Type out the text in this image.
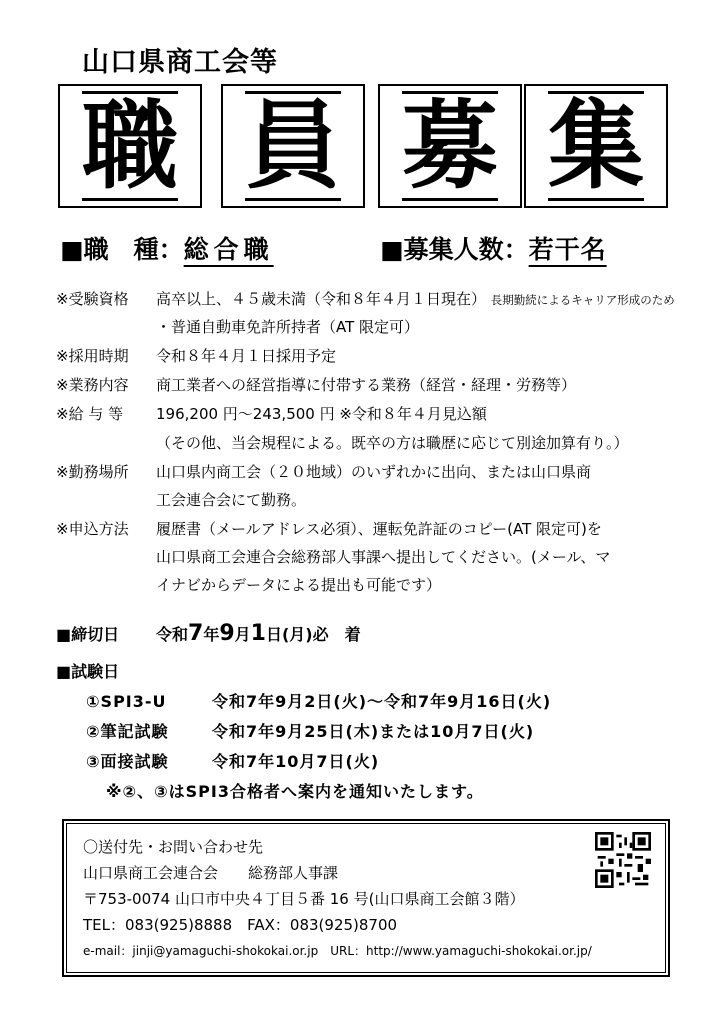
山口県商工会等
職 員 募 集
■職　種：総合職	■募集人数：若干名
※受験資格 高卒以上、４５歳未満（令和８年４月１日現在） 長期勤続によるキャリア形成のため
・普通自動車免許所持者（AT 限定可）
※採用時期 令和８年４月１日採用予定
※業務内容 商工業者への経営指導に付帯する業務（経営・経理・労務等）
※給 与 等 196,200 円～243,500 円 ※令和８年４月見込額
（その他、当会規程による。既卒の方は職歴に応じて別途加算有り。）
※勤務場所 山口県内商工会（２０地域）のいずれかに出向、または山口県商
工会連合会にて勤務。
※申込方法 履歴書（メールアドレス必須）、運転免許証のコピー(AT 限定可)を
山口県商工会連合会総務部人事課へ提出してください。(メール、マ
イナビからデータによる提出も可能です）
■締切日 令和7年9月1日(月)必　着
■試験日
①SPI3-U	令和7年9月2日(火)～令和7年9月16日(火)
②筆記試験	令和7年9月25日(木)または10月7日(火)
③面接試験	令和7年10月7日(火)
※②、③はSPI3合格者へ案内を通知いたします。
〇送付先・お問い合わせ先
山口県商工会連合会　　総務部人事課
〒753-0074 山口市中央４丁目５番 16 号(山口県商工会館３階）
TEL：083(925)8888　FAX：083(925)8700
e-mail：jinji@yamaguchi-shokokai.or.jp　URL：http://www.yamaguchi-shokokai.or.jp/
